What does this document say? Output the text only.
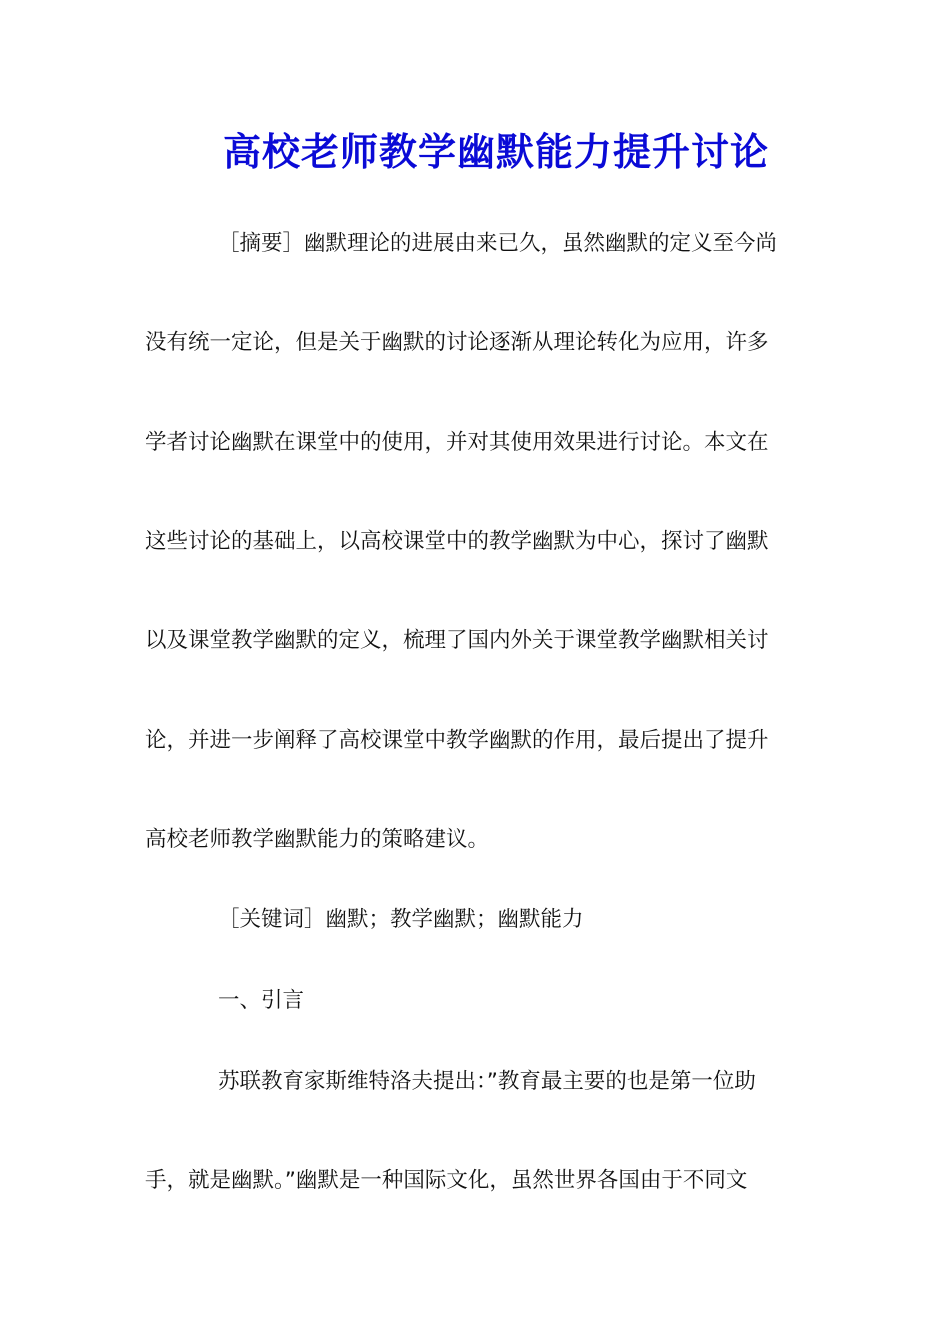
高校老师教学幽默能力提升讨论
［摘要］幽默理论的进展由来已久，虽然幽默的定义至今尚
没有统一定论，但是关于幽默的讨论逐渐从理论转化为应用，许多
学者讨论幽默在课堂中的使用，并对其使用效果进行讨论。本文在
这些讨论的基础上，以高校课堂中的教学幽默为中心，探讨了幽默
以及课堂教学幽默的定义，梳理了国内外关于课堂教学幽默相关讨
论，并进一步阐释了高校课堂中教学幽默的作用，最后提出了提升
高校老师教学幽默能力的策略建议。
［关键词］幽默；教学幽默；幽默能力
一、引言
苏联教育家斯维特洛夫提出：”教育最主要的也是第一位助
手，就是幽默。”幽默是一种国际文化，虽然世界各国由于不同文
